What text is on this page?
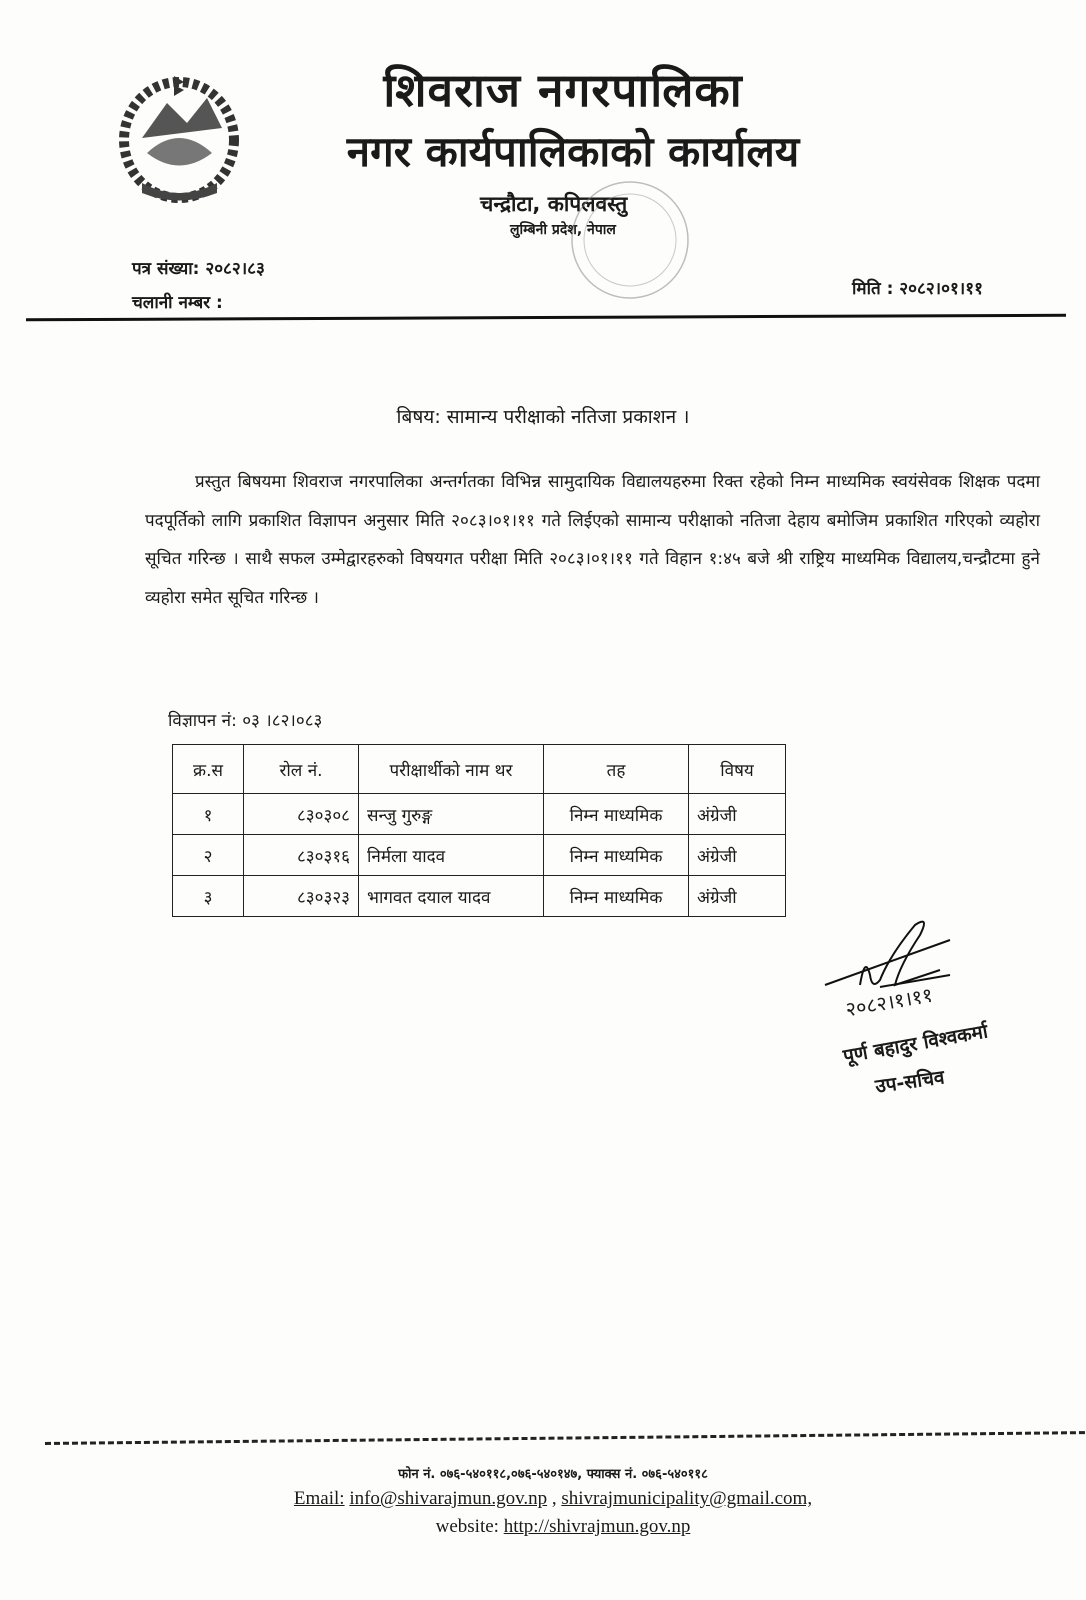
शिवराज नगरपालिका
नगर कार्यपालिकाको कार्यालय
चन्द्रौटा, कपिलवस्तु
लुम्बिनी प्रदेश, नेपाल
पत्र संख्या: २०८२।८३
चलानी नम्बर :
मिति : २०८२।०१।११
बिषय: सामान्य परीक्षाको नतिजा प्रकाशन ।
प्रस्तुत बिषयमा शिवराज नगरपालिका अन्तर्गतका विभिन्न सामुदायिक विद्यालयहरुमा रिक्त रहेको निम्न माध्यमिक स्वयंसेवक शिक्षक पदमा पदपूर्तिको लागि प्रकाशित विज्ञापन अनुसार मिति २०८३।०१।११ गते लिईएको सामान्य परीक्षाको नतिजा देहाय बमोजिम प्रकाशित गरिएको व्यहोरा सूचित गरिन्छ । साथै सफल उम्मेद्वारहरुको विषयगत परीक्षा मिति २०८३।०१।११ गते विहान १:४५ बजे श्री राष्ट्रिय माध्यमिक विद्यालय,चन्द्रौटमा हुने व्यहोरा समेत सूचित गरिन्छ ।
विज्ञापन नं: ०३ ।८२।०८३
क्र.स	रोल नं.	परीक्षार्थीको नाम थर	तह	विषय
१	८३०३०८	सन्जु गुरुङ्ग	निम्न माध्यमिक	अंग्रेजी
२	८३०३१६	निर्मला यादव	निम्न माध्यमिक	अंग्रेजी
३	८३०३२३	भागवत दयाल यादव	निम्न माध्यमिक	अंग्रेजी
२०८२।१।११
पूर्ण बहादुर विश्वकर्मा
उप-सचिव
फोन नं. ०७६-५४०११८,०७६-५४०१४७, फ्याक्स नं. ०७६-५४०११८
Email: info@shivarajmun.gov.np , shivrajmunicipality@gmail.com,
website: http://shivrajmun.gov.np
